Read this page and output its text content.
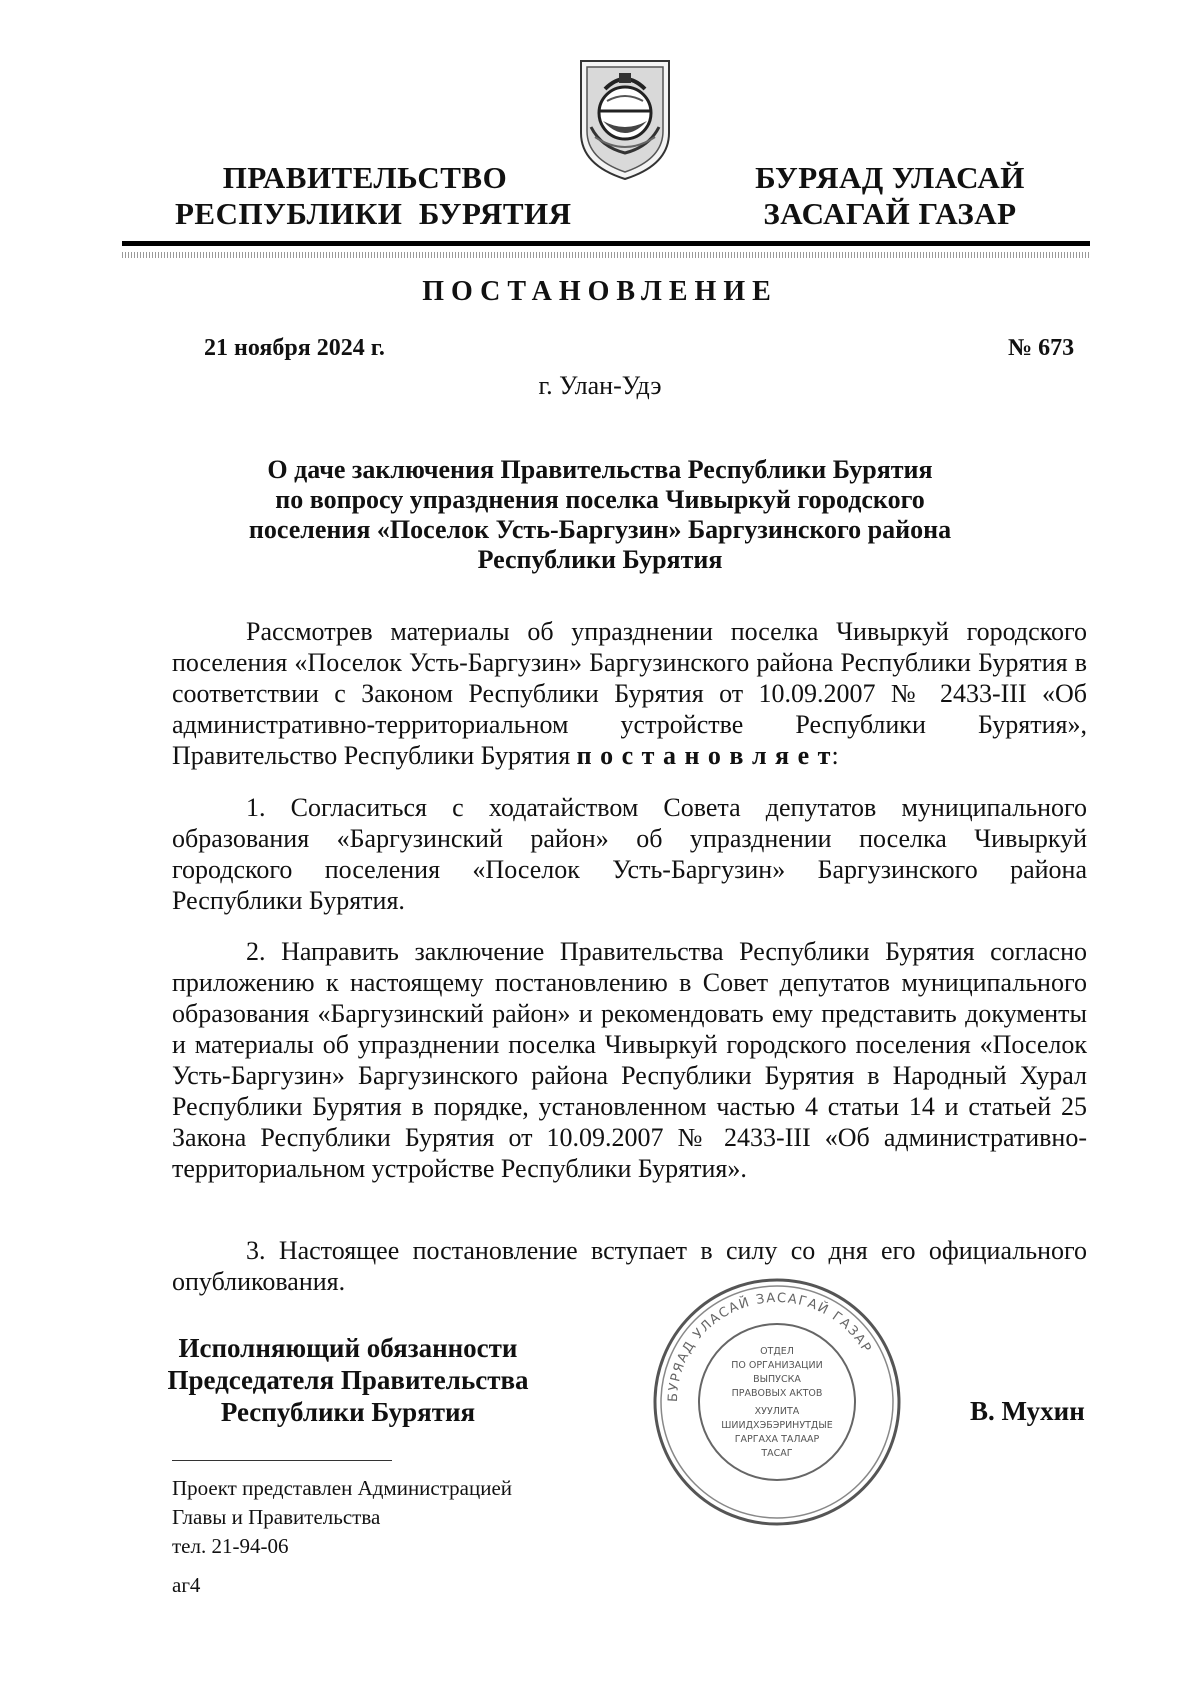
ПРАВИТЕЛЬСТВО
РЕСПУБЛИКИ  БУРЯТИЯ
БУРЯАД УЛАСАЙ
ЗАСАГАЙ ГАЗАР
ПОСТАНОВЛЕНИЕ
21 ноября 2024 г.	№ 673
г. Улан-Удэ
О даче заключения Правительства Республики Бурятия
по вопросу упразднения поселка Чивыркуй городского
поселения «Поселок Усть-Баргузин» Баргузинского района
Республики Бурятия
Рассмотрев материалы об упразднении поселка Чивыркуй городского поселения «Поселок Усть-Баргузин» Баргузинского района Республики Бурятия в соответствии с Законом Республики Бурятия от 10.09.2007 № 2433-III «Об административно-территориальном устройстве Республики Бурятия», Правительство Республики Бурятия п о с т а н о в л я е т:
1. Согласиться с ходатайством Совета депутатов муниципального образования «Баргузинский район» об упразднении поселка Чивыркуй городского поселения «Поселок Усть-Баргузин» Баргузинского района Республики Бурятия.
2. Направить заключение Правительства Республики Бурятия согласно приложению к настоящему постановлению в Совет депутатов муниципального образования «Баргузинский район» и рекомендовать ему представить документы и материалы об упразднении поселка Чивыркуй городского поселения «Поселок Усть-Баргузин» Баргузинского района Республики Бурятия в Народный Хурал Республики Бурятия в порядке, установленном частью 4 статьи 14 и статьей 25 Закона Республики Бурятия от 10.09.2007 № 2433-III «Об административно-территориальном устройстве Республики Бурятия».
3. Настоящее постановление вступает в силу со дня его официального опубликования.
Исполняющий обязанности
Председателя Правительства
Республики Бурятия
БУРЯАД УЛАСАЙ ЗАСАГАЙ ГАЗАР
ОТДЕЛ
ПО ОРГАНИЗАЦИИ
ВЫПУСКА
ПРАВОВЫХ АКТОВ
ХУУЛИТА
ШИИДХЭБЭРИНУТДЫЕ
ГАРГАХА ТАЛААР
ТАСАГ
В. Мухин
Проект представлен Администрацией
Главы и Правительства
тел. 21-94-06
аг4
